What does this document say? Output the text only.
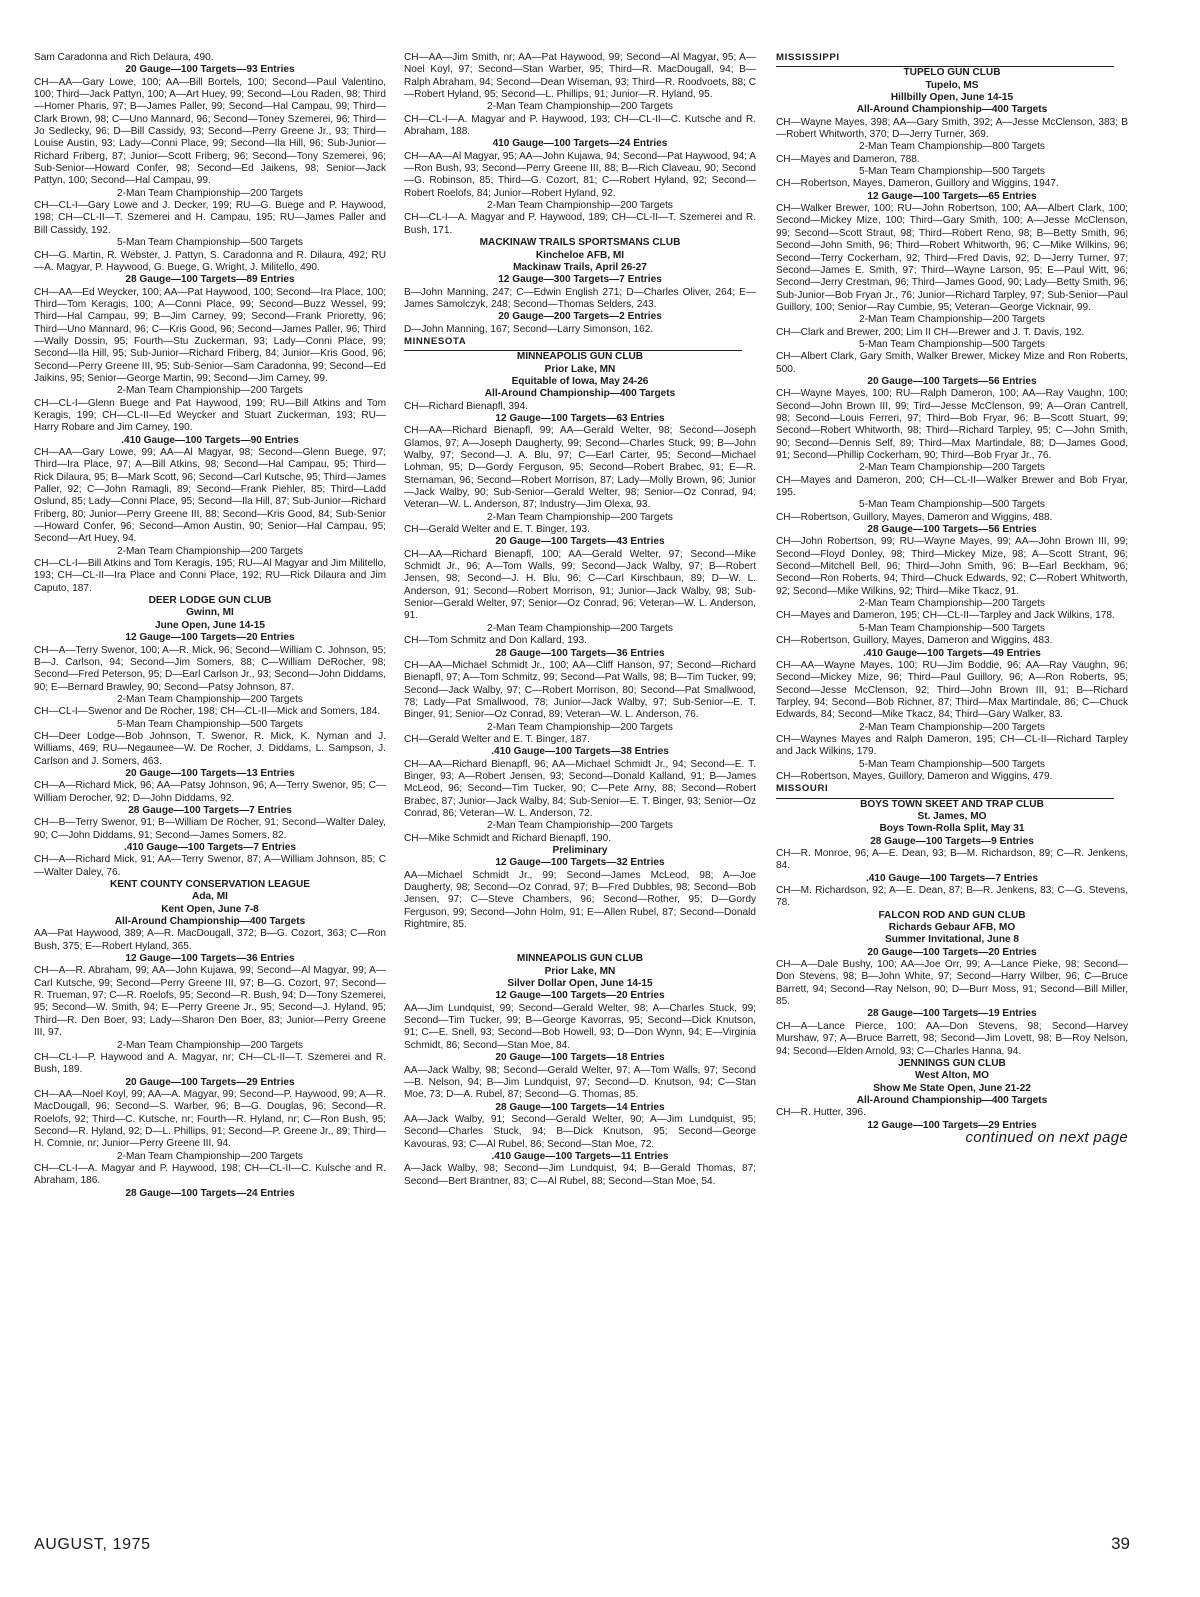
Sam Caradonna and Rich Delaura, 490.

20 Gauge—100 Targets—93 Entries

CH—AA—Gary Lowe, 100; AA—Bill Bortels, 100; Second—Paul Valentino, 100; Third—Jack Pattyn, 100; A—Art Huey, 99; Second—Lou Raden, 98; Third—Homer Pharis, 97; B—James Paller, 99; Second—Hal Campau, 99; Third—Clark Brown, 98; C—Uno Mannard, 96; Second—Toney Szemerei, 96; Third—Jo Sedlecky, 96; D—Bill Cassidy, 93; Second—Perry Greene Jr., 93; Third—Louise Austin, 93; Lady—Conni Place, 99; Second—Ila Hill, 96; Sub-Junior—Richard Friberg, 87; Junior—Scott Friberg, 96; Second—Tony Szemerei, 96; Sub-Senior—Howard Confer, 98; Second—Ed Jaikens, 98; Senior—Jack Pattyn, 100; Second—Hal Campau, 99.

2-Man Team Championship—200 Targets

CH—CL-I—Gary Lowe and J. Decker, 199; RU—G. Buege and P. Haywood, 198; CH—CL-II—T. Szemerei and H. Campau, 195; RU—James Paller and Bill Cassidy, 192.

5-Man Team Championship—500 Targets

CH—G. Martin, R. Webster, J. Pattyn, S. Caradonna and R. Dilaura, 492; RU—A. Magyar, P. Haywood, G. Buege, G. Wright, J. Militello, 490.

28 Gauge—100 Targets—89 Entries

CH—AA—Ed Weycker, 100; AA—Pat Haywood, 100; Second—Ira Place, 100; Third—Tom Keragis, 100; A—Conni Place, 99; Second—Buzz Wessel, 99; Third—Hal Campau, 99; B—Jim Carney, 99; Second—Frank Prioretty, 96; Third—Uno Mannard, 96; C—Kris Good, 96; Second—James Paller, 96; Third—Wally Dossin, 95; Fourth—Stu Zuckerman, 93; Lady—Conni Place, 99; Second—Ila Hill, 95; Sub-Junior—Richard Friberg, 84; Junior—Kris Good, 96; Second—Perry Greene III, 95; Sub-Senior—Sam Caradonna, 99; Second—Ed Jaikins, 95; Senior—George Martin, 99; Second—Jim Carney, 99.

2-Man Team Championship—200 Targets

CH—CL-I—Glenn Buege and Pat Haywood, 199; RU—Bill Atkins and Tom Keragis, 199; CH—CL-II—Ed Weycker and Stuart Zuckerman, 193; RU—Harry Robare and Jim Carney, 190.

.410 Gauge—100 Targets—90 Entries

CH—AA—Gary Lowe, 99; AA—Al Magyar, 98; Second—Glenn Buege, 97; Third—Ira Place, 97; A—Bill Atkins, 98; Second—Hal Campau, 95; Third—Rick Dilaura, 95; B—Mark Scott, 96; Second—Carl Kutsche, 95; Third—James Paller, 92; C—John Ramagli, 89; Second—Frank Piehler, 85; Third—Ladd Oslund, 85; Lady—Conni Place, 95; Second—Ila Hill, 87; Sub-Junior—Richard Friberg, 80; Junior—Perry Greene III, 88; Second—Kris Good, 84; Sub-Senior—Howard Confer, 96; Second—Amon Austin, 90; Senior—Hal Campau, 95; Second—Art Huey, 94.

2-Man Team Championship—200 Targets

CH—CL-I—Bill Atkins and Tom Keragis, 195; RU—Al Magyar and Jim Militello, 193; CH—CL-II—Ira Place and Conni Place, 192; RU—Rick Dilaura and Jim Caputo, 187.

DEER LODGE GUN CLUB

Gwinn, MI

June Open, June 14-15

12 Gauge—100 Targets—20 Entries

CH—A—Terry Swenor, 100; A—R. Mick, 96; Second—William C. Johnson, 95; B—J. Carlson, 94; Second—Jim Somers, 88; C—William DeRocher, 98; Second—Fred Peterson, 95; D—Earl Carlson Jr., 93; Second—John Diddams, 90; E—Bernard Brawley, 90; Second—Patsy Johnson, 87.

2-Man Team Championship—200 Targets

CH—CL-I—Swenor and De Rocher, 198; CH—CL-II—Mick and Somers, 184.

5-Man Team Championship—500 Targets

CH—Deer Lodge—Bob Johnson, T. Swenor, R. Mick, K. Nyman and J. Williams, 469; RU—Negaunee—W. De Rocher, J. Diddams, L. Sampson, J. Carlson and J. Somers, 463.

20 Gauge—100 Targets—13 Entries

CH—A—Richard Mick, 96; AA—Patsy Johnson, 96; A—Terry Swenor, 95; C—William Derocher, 92; D—John Diddams, 92.

28 Gauge—100 Targets—7 Entries

CH—B—Terry Swenor, 91; B—William De Rocher, 91; Second—Walter Daley, 90; C—John Diddams, 91; Second—James Somers, 82.

.410 Gauge—100 Targets—7 Entries

CH—A—Richard Mick, 91; AA—Terry Swenor, 87; A—William Johnson, 85; C—Walter Daley, 76.

KENT COUNTY CONSERVATION LEAGUE

Ada, MI

Kent Open, June 7-8

All-Around Championship—400 Targets

AA—Pat Haywood, 389; A—R. MacDougall, 372; B—G. Cozort, 363; C—Ron Bush, 375; E—Robert Hyland, 365.

12 Gauge—100 Targets—36 Entries

CH—A—R. Abraham, 99; AA—John Kujawa, 99; Second—Al Magyar, 99; A—Carl Kutsche, 99; Second—Perry Greene III, 97; B—G. Cozort, 97; Second—R. Trueman, 97; C—R. Roelofs, 95; Second—R. Bush, 94; D—Tony Szemerei, 95; Second—W. Smith, 94; E—Perry Greene Jr., 95; Second—J. Hyland, 95; Third—R. Den Boer, 93; Lady—Sharon Den Boer, 83; Junior—Perry Greene III, 97.

2-Man Team Championship—200 Targets

CH—CL-I—P. Haywood and A. Magyar, nr; CH—CL-II—T. Szemerei and R. Bush, 189.

20 Gauge—100 Targets—29 Entries

CH—AA—Noel Koyl, 99; AA—A. Magyar, 99; Second—P. Haywood, 99; A—R. MacDougall, 96; Second—S. Warber, 96; B—G. Douglas, 96; Second—R. Roelofs, 92; Third—C. Kutsche, nr; Fourth—R. Hyland, nr; C—Ron Bush, 95; Second—R. Hyland, 92; D—L. Phillips, 91; Second—P. Greene Jr., 89; Third—H. Comnie, nr; Junior—Perry Greene III, 94.

2-Man Team Championship—200 Targets

CH—CL-I—A. Magyar and P. Haywood, 198; CH—CL-II—C. Kulsche and R. Abraham, 186.

28 Gauge—100 Targets—24 Entries

CH—AA—Jim Smith, nr; AA—Pat Haywood, 99; Second—Al Magyar, 95; A—Noel Koyl, 97; Second—Stan Warber, 95; Third—R. MacDougall, 94; B—Ralph Abraham, 94; Second—Dean Wiseman, 93; Third—R. Roodvoets, 88; C—Robert Hyland, 95; Second—L. Phillips, 91; Junior—R. Hyland, 95.

2-Man Team Championship—200 Targets

CH—CL-I—A. Magyar and P. Haywood, 193; CH—CL-II—C. Kutsche and R. Abraham, 188.

410 Gauge—100 Targets—24 Entries

CH—AA—Al Magyar, 95; AA—John Kujawa, 94; Second—Pat Haywood, 94; A—Ron Bush, 93; Second—Perry Greene III, 88; B—Rich Claveau, 90; Second—G. Robinson, 85; Third—G. Cozort, 81; C—Robert Hyland, 92; Second—Robert Roelofs, 84; Junior—Robert Hyland, 92.

2-Man Team Championship—200 Targets

CH—CL-I—A. Magyar and P. Haywood, 189; CH—CL-II—T. Szemerei and R. Bush, 171.

MACKINAW TRAILS SPORTSMANS CLUB

Kincheloe AFB, MI

Mackinaw Trails, April 26-27

12 Gauge—300 Targets—7 Entries

B—John Manning, 247; C—Edwin English 271; D—Charles Oliver, 264; E—James Samolczyk, 248; Second—Thomas Selders, 243.

20 Gauge—200 Targets—2 Entries

D—John Manning, 167; Second—Larry Simonson, 162.

MINNESOTA

MINNEAPOLIS GUN CLUB

Prior Lake, MN

Equitable of Iowa, May 24-26

All-Around Championship—400 Targets

CH—Richard Bienapfl, 394.

12 Gauge—100 Targets—63 Entries

CH—AA—Richard Bienapfl, 99; AA—Gerald Welter, 98; Second—Joseph Glamos, 97; A—Joseph Daugherty, 99; Second—Charles Stuck, 99; B—John Walby, 97; Second—J. A. Blu, 97; C—Earl Carter, 95; Second—Michael Lohman, 95; D—Gordy Ferguson, 95; Second—Robert Brabec, 91; E—R. Sternaman, 96; Second—Robert Morrison, 87; Lady—Molly Brown, 96; Junior—Jack Walby, 90; Sub-Senior—Gerald Welter, 98; Senior—Oz Conrad, 94; Veteran—W. L. Anderson, 87; Industry—Jim Olexa, 93.

2-Man Team Championship—200 Targets

CH—Gerald Welter and E. T. Binger, 193.

20 Gauge—100 Targets—43 Entries

CH—AA—Richard Bienapfl, 100; AA—Gerald Welter, 97; Second—Mike Schmidt Jr., 96; A—Tom Walls, 99; Second—Jack Walby, 97; B—Robert Jensen, 98; Second—J. H. Blu, 96; C—Carl Kirschbaun, 89; D—W. L. Anderson, 91; Second—Robert Morrison, 91; Junior—Jack Walby, 98; Sub-Senior—Gerald Welter, 97; Senior—Oz Conrad, 96; Veteran—W. L. Anderson, 91.

2-Man Team Championship—200 Targets

CH—Tom Schmitz and Don Kallard, 193.

28 Gauge—100 Targets—36 Entries

CH—AA—Michael Schmidt Jr., 100; AA—Cliff Hanson, 97; Second—Richard Bienapfl, 97; A—Tom Schmitz, 99; Second—Pat Walls, 98; B—Tim Tucker, 99; Second—Jack Walby, 97; C—Robert Morrison, 80; Second—Pat Smallwood, 78; Lady—Pat Smallwood, 78; Junior—Jack Walby, 97; Sub-Senior—E. T. Binger, 91; Senior—Oz Conrad, 89; Veteran—W. L. Anderson, 76.

2-Man Team Championship—200 Targets

CH—Gerald Welter and E. T. Binger, 187.

.410 Gauge—100 Targets—38 Entries

CH—AA—Richard Bienapfl, 96; AA—Michael Schmidt Jr., 94; Second—E. T. Binger, 93; A—Robert Jensen, 93; Second—Donald Kalland, 91; B—James McLeod, 96; Second—Tim Tucker, 90; C—Pete Arny, 88; Second—Robert Brabec, 87; Junior—Jack Walby, 84; Sub-Senior—E. T. Binger, 93; Senior—Oz Conrad, 86; Veteran—W. L. Anderson, 72.

2-Man Team Championship—200 Targets

CH—Mike Schmidt and Richard Bienapfl, 190.

Preliminary

12 Gauge—100 Targets—32 Entries

AA—Michael Schmidt Jr., 99; Second—James McLeod, 98; A—Joe Daugherty, 98; Second—Oz Conrad, 97; B—Fred Dubbles, 98; Second—Bob Jensen, 97; C—Steve Chambers, 96; Second—Rother, 95; D—Gordy Ferguson, 99; Second—John Holm, 91; E—Allen Rubel, 87; Second—Donald Rightmire, 85.

MINNEAPOLIS GUN CLUB

Prior Lake, MN

Silver Dollar Open, June 14-15

12 Gauge—100 Targets—20 Entries

AA—Jim Lundquist, 99; Second—Gerald Welter, 98; A—Charles Stuck, 99; Second—Tim Tucker, 99; B—George Kavorras, 95; Second—Dick Knutson, 91; C—E. Snell, 93; Second—Bob Howell, 93; D—Don Wynn, 94; E—Virginia Schmidt, 86; Second—Stan Moe, 84.

20 Gauge—100 Targets—18 Entries

AA—Jack Walby, 98; Second—Gerald Welter, 97; A—Tom Walls, 97; Second—B. Nelson, 94; B—Jim Lundquist, 97; Second—D. Knutson, 94; C—Stan Moe, 73; D—A. Rubel, 87; Second—G. Thomas, 85.

28 Gauge—100 Targets—14 Entries

AA—Jack Walby, 91; Second—Gerald Welter, 90; A—Jim Lundquist, 95; Second—Charles Stuck, 94; B—Dick Knutson, 95; Second—George Kavouras, 93; C—Al Rubel, 86; Second—Stan Moe, 72.

.410 Gauge—100 Targets—11 Entries

A—Jack Walby, 98; Second—Jim Lundquist, 94; B—Gerald Thomas, 87; Second—Bert Brantner, 83; C—Al Rubel, 88; Second—Stan Moe, 54.

MISSISSIPPI

TUPELO GUN CLUB

Tupelo, MS

Hillbilly Open, June 14-15

All-Around Championship—400 Targets

CH—Wayne Mayes, 398; AA—Gary Smith, 392; A—Jesse McClenson, 383; B—Robert Whitworth, 370; D—Jerry Turner, 369.

2-Man Team Championship—800 Targets

CH—Mayes and Dameron, 788.

5-Man Team Championship—500 Targets

CH—Robertson, Mayes, Dameron, Guillory and Wiggins, 1947.

12 Gauge—100 Targets—65 Entries

CH—Walker Brewer, 100; RU—John Robertson, 100; AA—Albert Clark, 100; Second—Mickey Mize, 100; Third—Gary Smith, 100; A—Jesse McClenson, 99; Second—Scott Straut, 98; Third—Robert Reno, 98; B—Betty Smith, 96; Second—John Smith, 96; Third—Robert Whitworth, 96; C—Mike Wilkins, 96; Second—Terry Cockerham, 92; Third—Fred Davis, 92; D—Jerry Turner, 97; Second—James E. Smith, 97; Third—Wayne Larson, 95; E—Paul Witt, 96; Second—Jerry Crestman, 96; Third—James Good, 90; Lady—Betty Smith, 96; Sub-Junior—Bob Fryan Jr., 76; Junior—Richard Tarpley, 97; Sub-Senior—Paul Guillory, 100; Senior—Ray Cumbie, 95; Veteran—George Vicknair, 99.

2-Man Team Championship—200 Targets

CH—Clark and Brewer, 200; Lim II CH—Brewer and J. T. Davis, 192.

5-Man Team Championship—500 Targets

CH—Albert Clark, Gary Smith, Walker Brewer, Mickey Mize and Ron Roberts, 500.

20 Gauge—100 Targets—56 Entries

CH—Wayne Mayes, 100; RU—Ralph Dameron, 100; AA—Ray Vaughn, 100; Second—John Brown III, 99; Tird—Jesse McClenson, 99; A—Oran Cantrell, 98; Second—Louis Ferreri, 97; Third—Bob Fryar, 96; B—Scott Stuart, 99; Second—Robert Whitworth, 98; Third—Richard Tarpley, 95; C—John Smith, 90; Second—Dennis Self, 89; Third—Max Martindale, 88; D—James Good, 91; Second—Phillip Cockerham, 90; Third—Bob Fryar Jr., 76.

2-Man Team Championship—200 Targets

CH—Mayes and Dameron, 200; CH—CL-II—Walker Brewer and Bob Fryar, 195.

5-Man Team Championship—500 Targets

CH—Robertson, Guillory, Mayes, Dameron and Wiggins, 488.

28 Gauge—100 Targets—56 Entries

CH—John Robertson, 99; RU—Wayne Mayes, 99; AA—John Brown III, 99; Second—Floyd Donley, 98; Third—Mickey Mize, 98; A—Scott Strant, 96; Second—Mitchell Bell, 96; Third—John Smith, 96; B—Earl Beckham, 96; Second—Ron Roberts, 94; Third—Chuck Edwards, 92; C—Robert Whitworth, 92; Second—Mike Wilkins, 92; Third—Mike Tkacz, 91.

2-Man Team Championship—200 Targets

CH—Mayes and Dameron, 195; CH—CL-II—Tarpley and Jack Wilkins, 178.

5-Man Team Championship—500 Targets

CH—Robertson, Guillory, Mayes, Dameron and Wiggins, 483.

.410 Gauge—100 Targets—49 Entries

CH—AA—Wayne Mayes, 100; RU—Jim Boddie, 96; AA—Ray Vaughn, 96; Second—Mickey Mize, 96; Third—Paul Guillory, 96; A—Ron Roberts, 95; Second—Jesse McClenson, 92; Third—John Brown III, 91; B—Richard Tarpley, 94; Second—Bob Richner, 87; Third—Max Martindale, 86; C—Chuck Edwards, 84; Second—Mike Tkacz, 84; Third—Gary Walker, 83.

2-Man Team Championship—200 Targets

CH—Waynes Mayes and Ralph Dameron, 195; CH—CL-II—Richard Tarpley and Jack Wilkins, 179.

5-Man Team Championship—500 Targets

CH—Robertson, Mayes, Guillory, Dameron and Wiggins, 479.

MISSOURI

BOYS TOWN SKEET AND TRAP CLUB

St. James, MO

Boys Town-Rolla Split, May 31

28 Gauge—100 Targets—9 Entries

CH—R. Monroe, 96; A—E. Dean, 93; B—M. Richardson, 89; C—R. Jenkens, 84.

.410 Gauge—100 Targets—7 Entries

CH—M. Richardson, 92; A—E. Dean, 87; B—R. Jenkens, 83; C—G. Stevens, 78.

FALCON ROD AND GUN CLUB

Richards Gebaur AFB, MO

Summer Invitational, June 8

20 Gauge—100 Targets—20 Entries

CH—A—Dale Bushy, 100; AA—Joe Orr, 99; A—Lance Pieke, 98; Second—Don Stevens, 98; B—John White, 97; Second—Harry Wilber, 96; C—Bruce Barrett, 94; Second—Ray Nelson, 90; D—Burr Moss, 91; Second—Bill Miller, 85.

28 Gauge—100 Targets—19 Entries

CH—A—Lance Pierce, 100; AA—Don Stevens, 98; Second—Harvey Murshaw, 97; A—Bruce Barrett, 98; Second—Jim Lovett, 98; B—Roy Nelson, 94; Second—Elden Arnold, 93; C—Charles Hanna, 94.

JENNINGS GUN CLUB

West Alton, MO

Show Me State Open, June 21-22

All-Around Championship—400 Targets

CH—R. Hutter, 396.

12 Gauge—100 Targets—29 Entries

continued on next page

AUGUST, 1975	39
